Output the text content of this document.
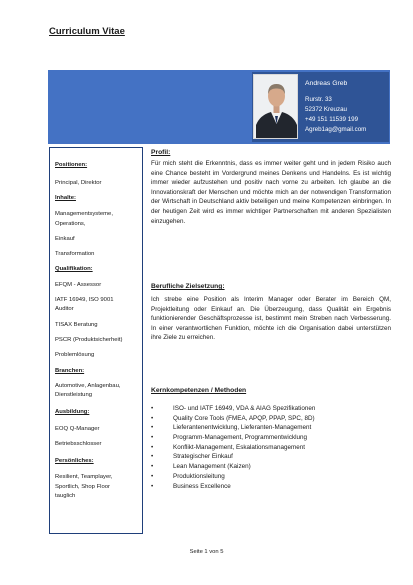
Curriculum Vitae
Andreas Greb
Rurstr. 33
52372 Kreuzau
+49 151 11539 199
Agreb1ag@gmail.com
Positionen:
Principal, Direktor
Inhalte:
Managementsysteme,
Operations,
Einkauf
Transformation
Qualifikation:
EFQM - Assessor
IATF 16949, ISO 9001
Auditor
TISAX Beratung
PSCR (Produktsicherheit)
Problemlösung
Branchen:
Automotive, Anlagenbau,
Dienstleistung
Ausbildung:
EOQ Q-Manager
Betriebsschlosser
Persönliches:
Resilient, Teamplayer,
Sportlich, Shop Floor
tauglich
Profil:
Für mich steht die Erkenntnis, dass es immer weiter geht und in jedem Risiko auch eine Chance besteht im Vordergrund meines Denkens und Handelns. Es ist wichtig immer wieder aufzustehen und positiv nach vorne zu arbeiten. Ich glaube an die Innovationskraft der Menschen und möchte mich an der notwendigen Transformation der Wirtschaft in Deutschland aktiv beteiligen und meine Kompetenzen einbringen. In der heutigen Zeit wird es immer wichtiger Partnerschaften mit anderen Spezialisten einzugehen.
Berufliche Zielsetzung:
Ich strebe eine Position als Interim Manager oder Berater im Bereich QM, Projektleitung oder Einkauf an. Die Überzeugung, dass Qualität ein Ergebnis funktionierender Geschäftsprozesse ist, bestimmt mein Streben nach Verbesserung. In einer verantwortlichen Funktion, möchte ich die Organisation dabei unterstützen ihre Ziele zu erreichen.
Kernkompetenzen / Methoden
•	ISO- und IATF 16949, VDA & AIAG Spezifikationen
•	Quality Core Tools (FMEA, APQP, PPAP, SPC, 8D)
•	Lieferantenentwicklung, Lieferanten-Management
•	Programm-Management, Programmentwicklung
•	Konflikt-Management, Eskalationsmanagement
•	Strategischer Einkauf
•	Lean Management (Kaizen)
•	Produktionsleitung
•	Business Excellence
Seite 1 von 5
